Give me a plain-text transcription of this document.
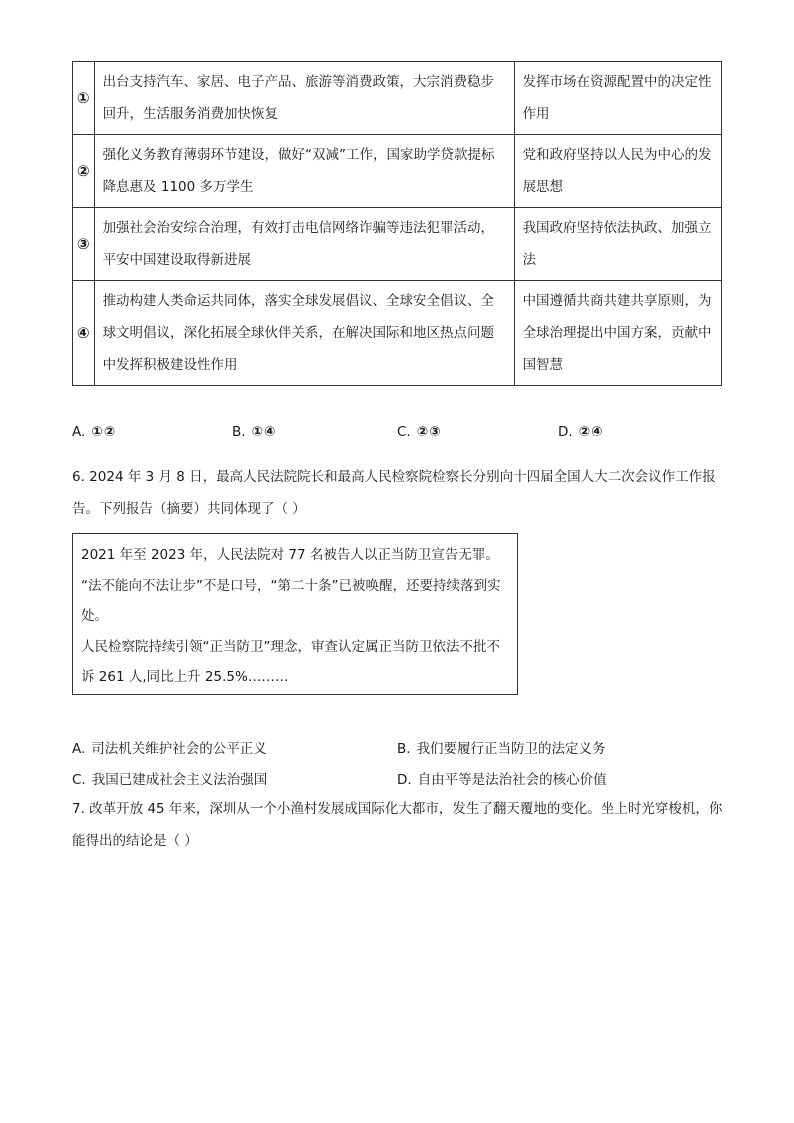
①	出台支持汽车、家居、电子产品、旅游等消费政策，大宗消费稳步回升，生活服务消费加快恢复	发挥市场在资源配置中的决定性作用
②	强化义务教育薄弱环节建设，做好“双减”工作，国家助学贷款提标降息惠及 1100 多万学生	党和政府坚持以人民为中心的发展思想
③	加强社会治安综合治理，有效打击电信网络诈骗等违法犯罪活动，平安中国建设取得新进展	我国政府坚持依法执政、加强立法
④	推动构建人类命运共同体，落实全球发展倡议、全球安全倡议、全球文明倡议，深化拓展全球伙伴关系，在解决国际和地区热点问题中发挥积极建设性作用	中国遵循共商共建共享原则，为全球治理提出中国方案，贡献中国智慧
A. ①②	B. ①④	C. ②③	D. ②④
6. 2024 年 3 月 8 日，最高人民法院院长和最高人民检察院检察长分别向十四届全国人大二次会议作工作报告。下列报告（摘要）共同体现了（ ）

2021 年至 2023 年，人民法院对 77 名被告人以正当防卫宣告无罪。

“法不能向不法让步”不是口号，“第二十条”已被唤醒，还要持续落到实处。

人民检察院持续引领“正当防卫”理念，审查认定属正当防卫依法不批不诉 261 人,同比上升 25.5%………

A. 司法机关维护社会的公平正义	B. 我们要履行正当防卫的法定义务
C. 我国已建成社会主义法治强国	D. 自由平等是法治社会的核心价值
7. 改革开放 45 年来，深圳从一个小渔村发展成国际化大都市，发生了翻天覆地的变化。坐上时光穿梭机，你能得出的结论是（ ）
